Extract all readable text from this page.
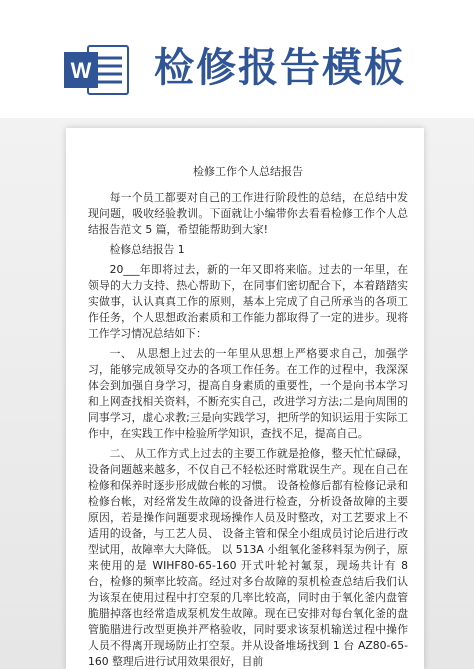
W 检修报告模板
检修工作个人总结报告

每一个员工都要对自己的工作进行阶段性的总结，在总结中发现问题，吸收经验教训。下面就让小编带你去看看检修工作个人总结报告范文 5 篇，希望能帮助到大家!

检修总结报告 1

20___年即将过去，新的一年又即将来临。过去的一年里，在领导的大力支持、热心帮助下，在同事们密切配合下，本着踏踏实实做事，认认真真工作的原则，基本上完成了自己所承当的各项工作任务，个人思想政治素质和工作能力都取得了一定的进步。现将工作学习情况总结如下：

一、 从思想上过去的一年里从思想上严格要求自己，加强学习，能够完成领导交办的各项工作任务。在工作的过程中，我深深体会到加强自身学习，提高自身素质的重要性，一个是向书本学习和上网查找相关资料，不断充实自己，改进学习方法;二是向周围的同事学习，虚心求教;三是向实践学习，把所学的知识运用于实际工作中，在实践工作中检验所学知识，查找不足，提高自己。

二、 从工作方式上过去的主要工作就是抢修，整天忙忙碌碌，设备问题越来越多，不仅自己不轻松还时常耽误生产。现在自己在检修和保养时逐步形成做台帐的习惯。 设备检修后都有检修记录和检修台帐，对经常发生故障的设备进行检查，分析设备故障的主要原因，若是操作问题要求现场操作人员及时整改，对工艺要求上不适用的设备，与工艺人员、 设备主管和保全小组成员讨论后进行改型试用，故障率大大降低。 以 513A 小组氧化釜移料泵为例子，原来使用的是 WIHF80-65-160 开式叶轮衬氟泵，现场共计有 8 台，检修的频率比较高。经过对多台故障的泵机检查总结后我们认为该泵在使用过程中打空泵的几率比较高，同时由于氧化釜内盘管脆腊掉落也经常造成泵机发生故障。现在已安排对每台氧化釜的盘管脆腊进行改型更换并严格验收，同时要求该泵机输送过程中操作人员不得离开现场防止打空泵。并从设备堆场找到 1 台 AZ80-65-160 整理后进行试用效果很好，目前
